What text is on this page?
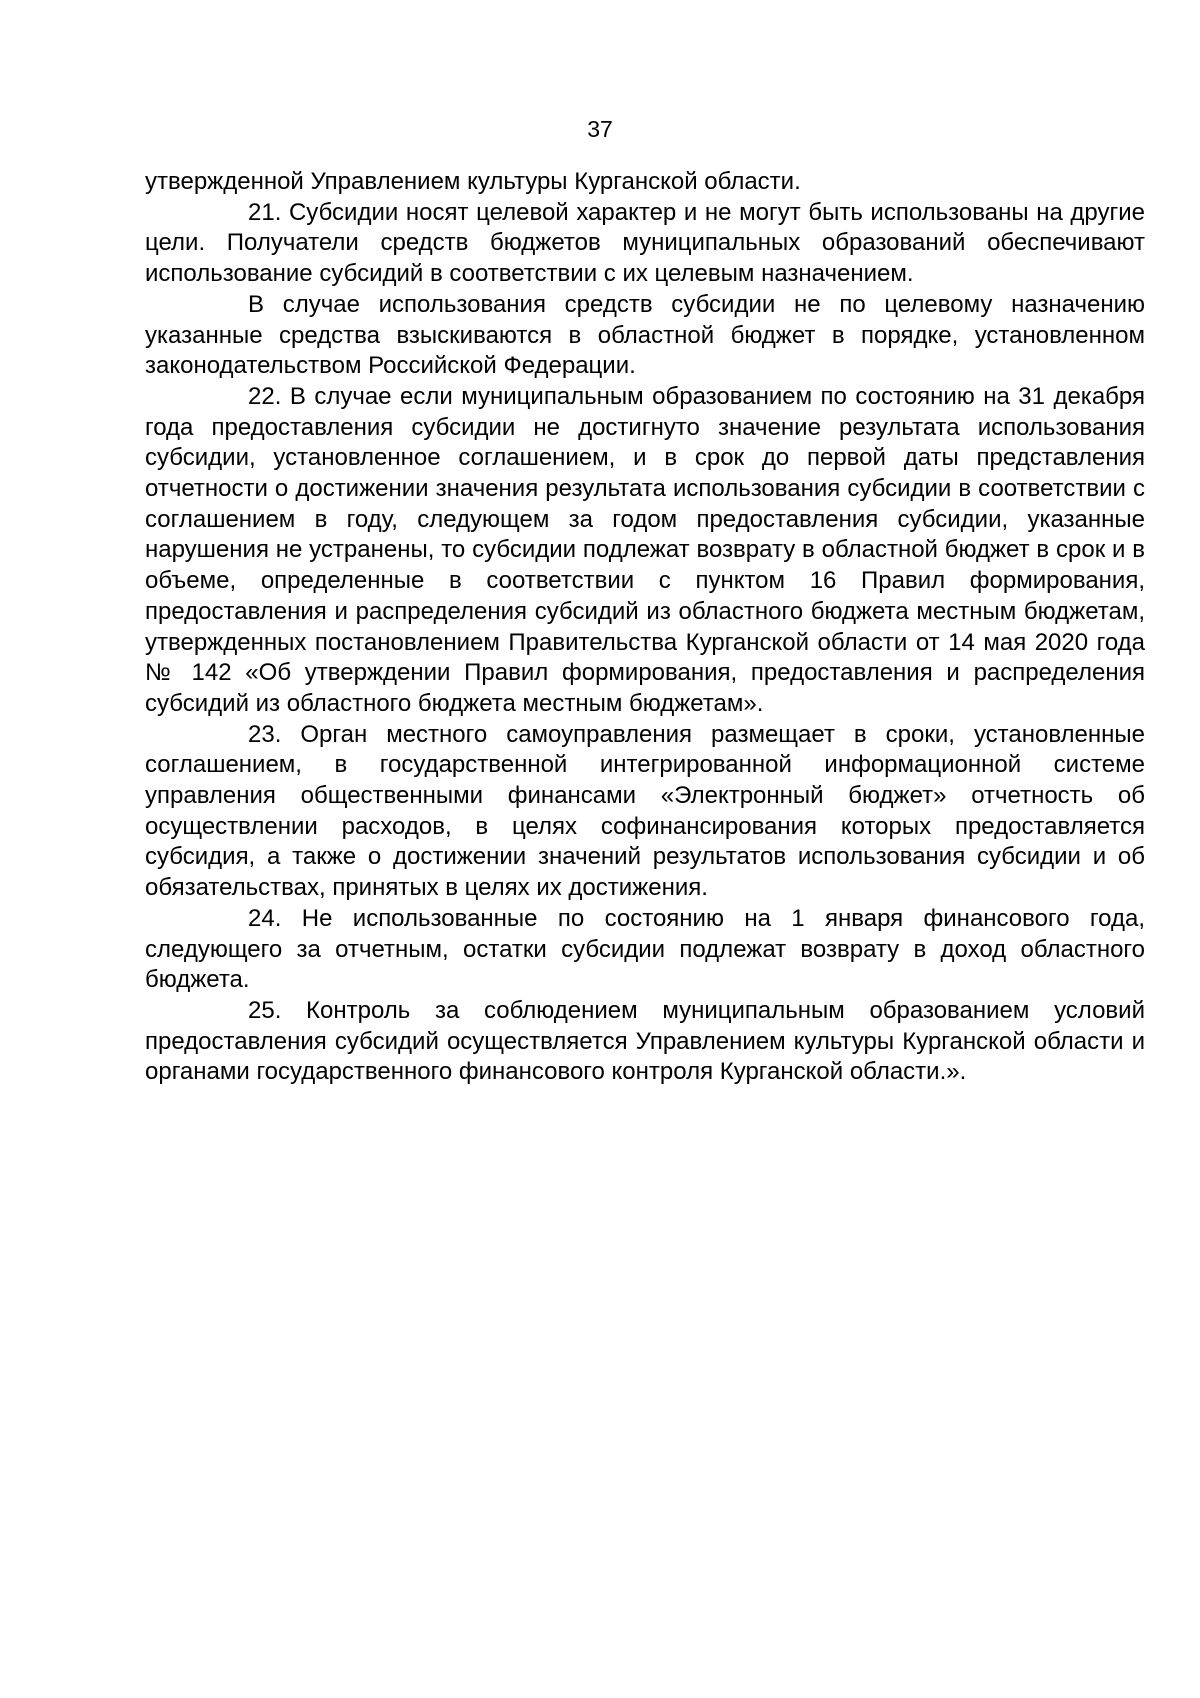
37

утвержденной Управлением культуры Курганской области.

21. Субсидии носят целевой характер и не могут быть использованы на другие цели. Получатели средств бюджетов муниципальных образований обеспечивают использование субсидий в соответствии с их целевым назначением.

В случае использования средств субсидии не по целевому назначению указанные средства взыскиваются в областной бюджет в порядке, установленном законодательством Российской Федерации.

22. В случае если муниципальным образованием по состоянию на 31 декабря года предоставления субсидии не достигнуто значение результата использования субсидии, установленное соглашением, и в срок до первой даты представления отчетности о достижении значения результата использования субсидии в соответствии с соглашением в году, следующем за годом предоставления субсидии, указанные нарушения не устранены, то субсидии подлежат возврату в областной бюджет в срок и в объеме, определенные в соответствии с пунктом 16 Правил формирования, предоставления и распределения субсидий из областного бюджета местным бюджетам, утвержденных постановлением Правительства Курганской области от 14 мая 2020 года № 142 «Об утверждении Правил формирования, предоставления и распределения субсидий из областного бюджета местным бюджетам».

23. Орган местного самоуправления размещает в сроки, установленные соглашением, в государственной интегрированной информационной системе управления общественными финансами «Электронный бюджет» отчетность об осуществлении расходов, в целях софинансирования которых предоставляется субсидия, а также о достижении значений результатов использования субсидии и об обязательствах, принятых в целях их достижения.

24. Не использованные по состоянию на 1 января финансового года, следующего за отчетным, остатки субсидии подлежат возврату в доход областного бюджета.

25. Контроль за соблюдением муниципальным образованием условий предоставления субсидий осуществляется Управлением культуры Курганской области и органами государственного финансового контроля Курганской области.».
